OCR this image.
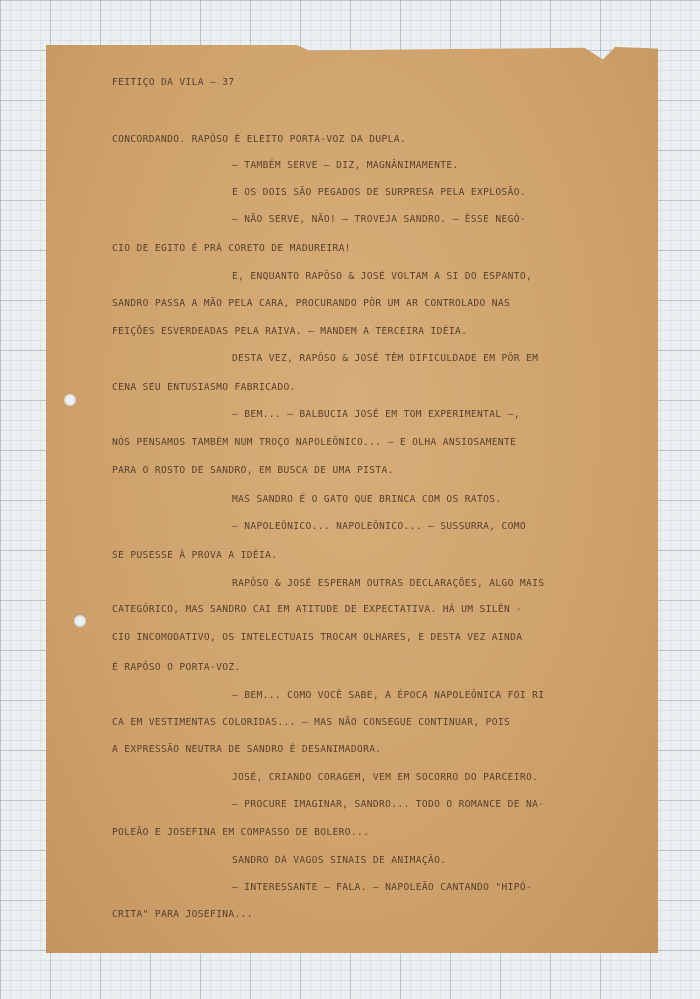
FEITIÇO DA VILA — 37

CONCORDANDO. RAPÔSO É ELEITO PORTA-VOZ DA DUPLA.

— TAMBÉM SERVE — DIZ, MAGNÂNIMAMENTE.

E OS DOIS SÃO PEGADOS DE SURPRESA PELA EXPLOSÃO.

— NÃO SERVE, NÃO! — TROVEJA SANDRO. — ÊSSE NEGÓ-

CIO DE EGITO É PRÁ CORETO DE MADUREIRA!

E, ENQUANTO RAPÔSO & JOSÉ VOLTAM A SI DO ESPANTO,

SANDRO PASSA A MÃO PELA CARA, PROCURANDO PÔR UM AR CONTROLADO NAS

FEIÇÕES ESVERDEADAS PELA RAIVA. — MANDEM A TERCEIRA IDÉIA.

DESTA VEZ, RAPÔSO & JOSÉ TÊM DIFICULDADE EM PÔR EM

CENA SEU ENTUSIASMO FABRICADO.

— BEM... — BALBUCIA JOSÉ EM TOM EXPERIMENTAL —,

NÓS PENSAMOS TAMBÉM NUM TROÇO NAPOLEÔNICO... — E OLHA ANSIOSAMENTE

PARA O ROSTO DE SANDRO, EM BUSCA DE UMA PISTA.

MAS SANDRO É O GATO QUE BRINCA COM OS RATOS.

— NAPOLEÔNICO... NAPOLEÔNICO... — SUSSURRA, COMO

SE PUSESSE À PROVA A IDÉIA.

RAPÔSO & JOSÉ ESPERAM OUTRAS DECLARAÇÕES, ALGO MAIS

CATEGÓRICO, MAS SANDRO CAI EM ATITUDE DE EXPECTATIVA. HÁ UM SILÊN -

CIO INCOMODATIVO, OS INTELECTUAIS TROCAM OLHARES, E DESTA VEZ AINDA

É RAPÔSO O PORTA-VOZ.

— BEM... COMO VOCÊ SABE, A ÉPOCA NAPOLEÔNICA FOI RI

CA EM VESTIMENTAS COLORIDAS... — MAS NÃO CONSEGUE CONTINUAR, POIS

A EXPRESSÃO NEUTRA DE SANDRO É DESANIMADORA.

JOSÉ, CRIANDO CORAGEM, VEM EM SOCORRO DO PARCEIRO.

— PROCURE IMAGINAR, SANDRO... TODO O ROMANCE DE NA-

POLEÃO E JOSEFINA EM COMPASSO DE BOLERO...

SANDRO DÁ VAGOS SINAIS DE ANIMAÇÃO.

— INTERESSANTE — FALA. — NAPOLEÃO CANTANDO "HIPÓ-

CRITA" PARA JOSEFINA...
